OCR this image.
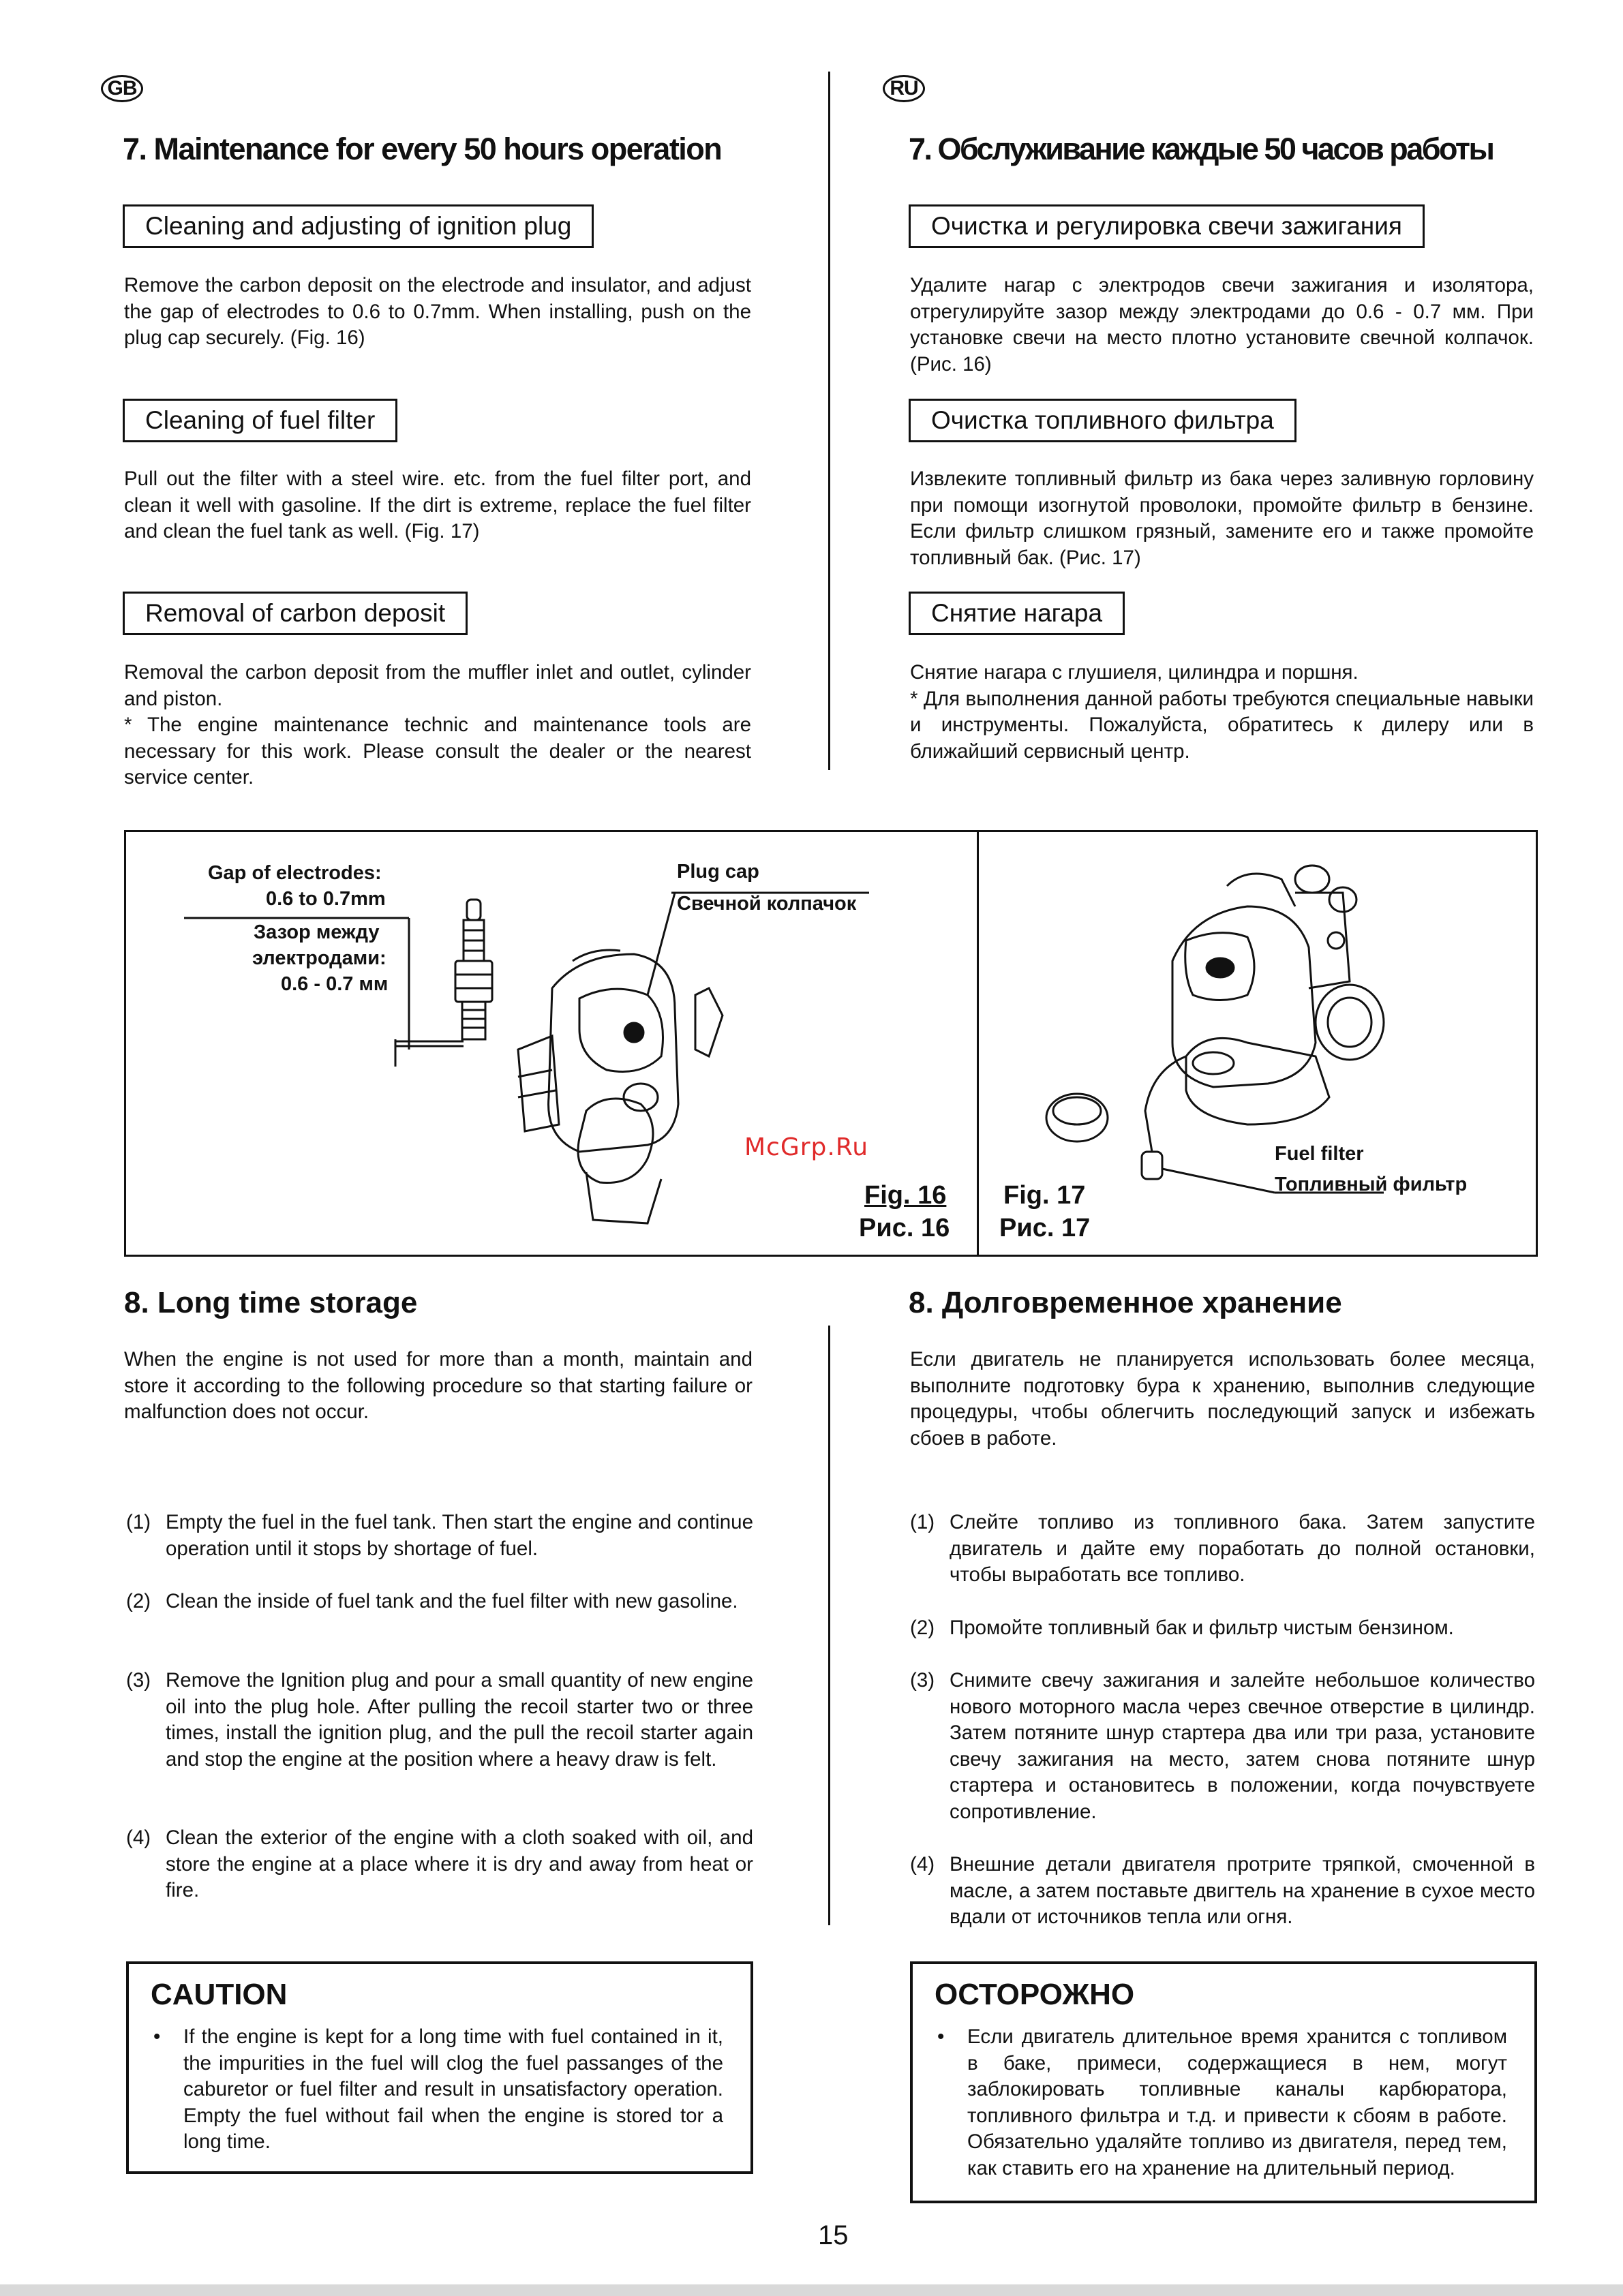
GB	RU
7. Maintenance for every 50 hours operation
Cleaning and adjusting of ignition plug
Remove the carbon deposit on the electrode and insulator, and adjust the gap of electrodes to 0.6 to 0.7mm. When installing, push on the plug cap securely. (Fig. 16)
Cleaning of fuel filter
Pull out the filter with a steel wire. etc. from the fuel filter port, and clean it well with gasoline. If the dirt is extreme, replace the fuel filter and clean the fuel tank as well. (Fig. 17)
Removal of carbon deposit
Removal the carbon deposit from the muffler inlet and outlet, cylinder and piston.
* The engine maintenance technic and maintenance tools are necessary for this work. Please consult the dealer or the nearest service center.
7. Обслуживание каждые 50 часов работы
Очистка и регулировка свечи зажигания
Удалите нагар с электродов свечи зажигания и изолятора, отрегулируйте зазор между электродами до 0.6 - 0.7 мм. При установке свечи на место плотно установите свечной колпачок. (Рис. 16)
Очистка топливного фильтра
Извлеките топливный фильтр из бака через заливную горловину при помощи изогнутой проволоки, промойте фильтр в бензине. Если фильтр слишком грязный, замените его и также промойте топливный бак. (Рис. 17)
Снятие нагара
Снятие нагара с глушиеля, цилиндра и поршня.
* Для выполнения данной работы требуются специальные навыки и инструменты. Пожалуйста, обратитесь к дилеру или в ближайший сервисный центр.
Gap of electrodes:
0.6 to 0.7mm
Зазор между
электродами:
0.6 - 0.7 мм
Plug cap
Свечной колпачок
McGrp.Ru
Fig. 16
Рис. 16
Fuel filter
Топливный фильтр
Fig. 17
Рис. 17
8. Long time storage
When the engine is not used for more than a month, maintain and store it according to the following procedure so that starting failure or malfunction does not occur.
(1) Empty the fuel in the fuel tank. Then start the engine and continue operation until it stops by shortage of fuel.
(2) Clean the inside of fuel tank and the fuel filter with new gasoline.
(3) Remove the Ignition plug and pour a small quantity of new engine oil into the plug hole. After pulling the recoil starter two or three times, install the ignition plug, and the pull the recoil starter again and stop the engine at the position where a heavy draw is felt.
(4) Clean the exterior of the engine with a cloth soaked with oil, and store the engine at a place where it is dry and away from heat or fire.
CAUTION
•	If the engine is kept for a long time with fuel contained in it, the impurities in the fuel will clog the fuel passanges of the caburetor or fuel filter and result in unsatisfactory operation. Empty the fuel without fail when the engine is stored tor a long time.
8. Долговременное хранение
Если двигатель не планируется использовать более месяца, выполните подготовку бура к хранению, выполнив следующие процедуры, чтобы облегчить последующий запуск и избежать сбоев в работе.
(1) Слейте топливо из топливного бака. Затем запустите двигатель и дайте ему поработать до полной остановки, чтобы выработать все топливо.
(2) Промойте топливный бак и фильтр чистым бензином.
(3) Снимите свечу зажигания и залейте небольшое количество нового моторного масла через свечное отверстие в цилиндр. Затем потяните шнур стартера два или три раза, установите свечу зажигания на место, затем снова потяните шнур стартера и остановитесь в положении, когда почувствуете сопротивление.
(4) Внешние детали двигателя протрите тряпкой, смоченной в масле, а затем поставьте двигтель на хранение в сухое место вдали от источников тепла или огня.
ОСТОРОЖНО
•	Если двигатель длительное время хранится с топливом в баке, примеси, содержащиеся в нем, могут заблокировать топливные каналы карбюратора, топливного фильтра и т.д. и привести к сбоям в работе. Обязательно удаляйте топливо из двигателя, перед тем, как ставить его на хранение на длительный период.
15
